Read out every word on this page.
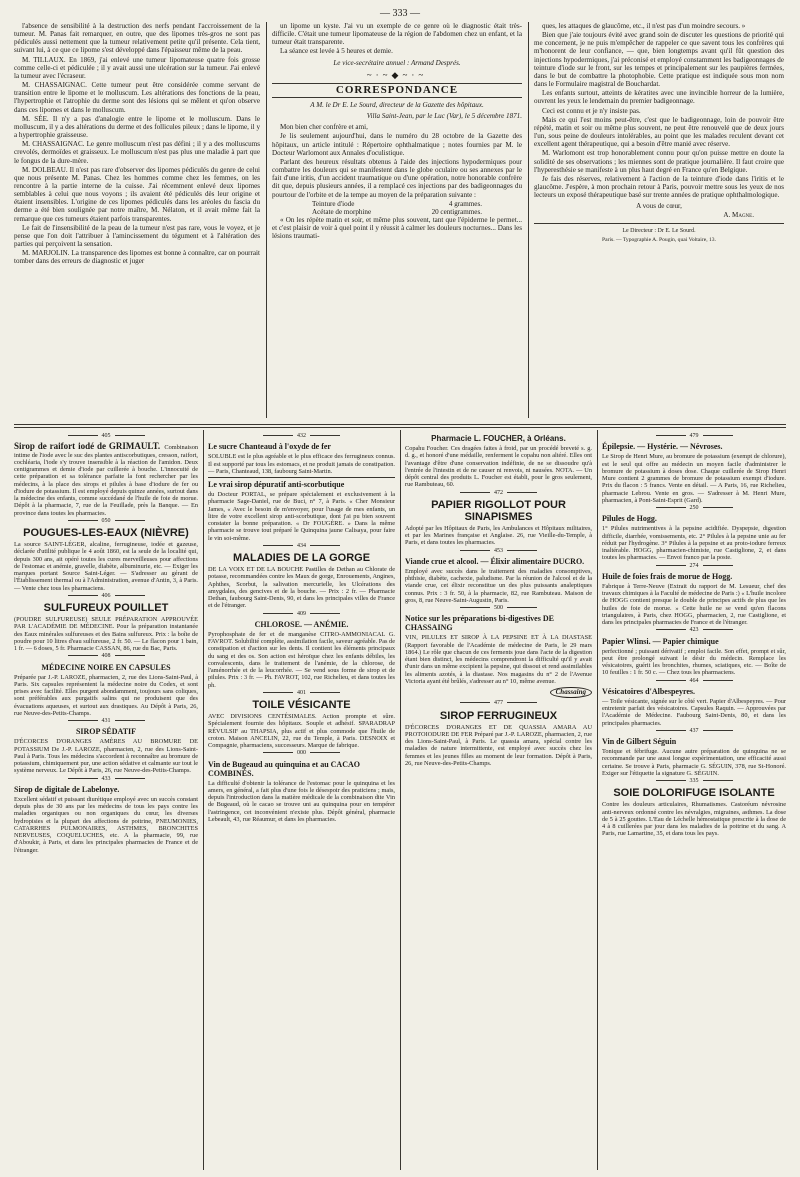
— 333 —

l'absence de sensibilité à la destruction des nerfs pendant l'accroissement de la tumeur. M. Panas fait remarquer, en outre, que des lipomes très-gros ne sont pas pédiculés aussi nettement que la tumeur relativement petite qu'il présente. Cela tient, suivant lui, à ce que ce lipome s'est développé dans l'épaisseur même de la peau.

M. TILLAUX. En 1869, j'ai enlevé une tumeur lipomateuse quatre fois grosse comme celle-ci et pédiculée ; il y avait aussi une ulcération sur la tumeur. J'ai enlevé la tumeur avec l'écraseur.

M. CHASSAIGNAC. Cette tumeur peut être considérée comme servant de transition entre le lipome et le molluscum. Les altérations des fonctions de la peau, l'hypertrophie et l'atrophie du derme sont des lésions qui se mêlent et qu'on observe dans ces lipomes et dans le molluscum.

M. SÉE. Il n'y a pas d'analogie entre le lipome et le molluscum. Dans le molluscum, il y a des altérations du derme et des follicules pileux ; dans le lipome, il y a hypertrophie graisseuse.

M. CHASSAIGNAC. Le genre molluscum n'est pas défini ; il y a des molluscums crevolés, dermoïdes et graisseux. Le molluscum n'est pas plus une maladie à part que le fongus de la dure-mère.

M. DOLBEAU. Il n'est pas rare d'observer des lipomes pédiculés du genre de celui que nous présente M. Panas. Chez les hommes comme chez les femmes, on les rencontre à la partie interne de la cuisse. J'ai récemment enlevé deux lipomes semblables à celui que nous voyons ; ils avaient été pédiculés dès leur origine et étaient insensibles. L'origine de ces lipomes pédiculés dans les aréoles du fascia du derme a été bien soulignée par notre maître, M. Nélaton, et il avait même fait la remarque que ces tumeurs étaient parfois transparentes.

Le fait de l'insensibilité de la peau de la tumeur n'est pas rare, vous le voyez, et je pense que l'on doit l'attribuer à l'amincissement du tégument et à l'altération des parties qui perçoivent la sensation.

M. MARJOLIN. La transparence des lipomes est bonne à connaître, car on pourrait tomber dans des erreurs de diagnostic et juger

un lipome un kyste. J'ai vu un exemple de ce genre où le diagnostic était très-difficile. C'était une tumeur lipomateuse de la région de l'abdomen chez un enfant, et la tumeur était transparente.

La séance est levée à 5 heures et demie.

Le vice-secrétaire annuel : Armand Després.

~·~◆~·~
CORRESPONDANCE

A M. le Dr E. Le Sourd, directeur de la Gazette des hôpitaux.

Villa Saint-Jean, par le Luc (Var), le 5 décembre 1871.

Mon bien cher confrère et ami,

Je lis seulement aujourd'hui, dans le numéro du 28 octobre de la Gazette des hôpitaux, un article intitulé : Répertoire ophthalmatique ; notes fournies par M. le Docteur Warlomont aux Annales d'oculistique.

Parlant des heureux résultats obtenus à l'aide des injections hypodermiques pour combattre les douleurs qui se manifestent dans le globe oculaire ou ses annexes par le fait d'une iritis, d'un accident traumatique ou d'une opération, notre honorable confrère dit que, depuis plusieurs années, il a remplacé ces injections par des badigeonnages du pourtour de l'orbite et de la tempe au moyen de la préparation suivante :

Teinture d'iode	4 grammes.
Acétate de morphine	20 centigrammes.

« On les répète matin et soir, et même plus souvent, tant que l'épiderme le permet... et c'est plaisir de voir à quel point il y réussit à calmer les douleurs nocturnes... Dans les lésions traumati-

ques, les attaques de glaucôme, etc., il n'est pas d'un moindre secours. »

Bien que j'aie toujours évité avec grand soin de discuter les questions de priorité qui me concernent, je ne puis m'empêcher de rappeler ce que savent tous les confrères qui m'honorent de leur confiance, — que, bien longtemps avant qu'il fût question des injections hypodermiques, j'ai préconisé et employé constamment les badigeonnages de teinture d'iode sur le front, sur les tempes et principalement sur les paupières fermées, dans le but de combattre la photophobie. Cette pratique est indiquée sous mon nom dans le Formulaire magistral de Bouchardat.

Les enfants surtout, atteints de kératites avec une invincible horreur de la lumière, ouvrent les yeux le lendemain du premier badigeonnage.

Ceci est connu et je n'y insiste pas.

Mais ce qui l'est moins peut-être, c'est que le badigeonnage, loin de pouvoir être répété, matin et soir ou même plus souvent, ne peut être renouvelé que de deux jours l'un, sous peine de douleurs intolérables, au point que les malades reculent devant cet excellent agent thérapeutique, qui a besoin d'être manié avec réserve.

M. Warlomont est trop honorablement connu pour qu'on puisse mettre en doute la solidité de ses observations ; les miennes sont de pratique journalière. Il faut croire que l'hyperesthésie se manifeste à un plus haut degré en France qu'en Belgique.

Je fais des réserves, relativement à l'action de la teinture d'iode dans l'iritis et le glaucôme. J'espère, à mon prochain retour à Paris, pouvoir mettre sous les yeux de nos lecteurs un exposé thérapeutique basé sur trente années de pratique ophthalmologique.

A vous de cœur,

A. Magne.

Le Directeur : Dr E. Le Sourd.

Paris. — Typographie A. Pougin, quai Voltaire, 13.

405

Sirop de raifort iodé de GRIMAULT. Combinaison intime de l'iode avec le suc des plantes antiscorbutiques, cresson, raifort, cochléaria, l'iode s'y trouve insensible à la réaction de l'amidon. Deux centigrammes et demie d'iode par cuillerée à bouche. L'innocuité de cette préparation et sa tolérance parfaite la font rechercher par les médecins, à la place des sirops et pilules à base d'iodure de fer ou d'iodure de potassium. Il est employé depuis quinze années, surtout dans la médecine des enfants, comme succédané de l'huile de foie de morue. Dépôt à la pharmacie, 7, rue de la Feuillade, près la Banque. — En province dans toutes les pharmacies.

050
POUGUES-LES-EAUX (NIÈVRE)

La source SAINT-LÉGER, alcaline, ferrugineuse, iodée et gazeuse, déclarée d'utilité publique le 4 août 1860, est la seule de la localité qui, depuis 300 ans, ait opéré toutes les cures merveilleuses pour affections de l'estomac et anémie, gravelle, diabète, albuminurie, etc. — Exiger les marques portant Source Saint-Léger. — S'adresser au gérant de l'Établissement thermal ou à l'Administration, avenue d'Antin, 3, à Paris. — Vente chez tous les pharmaciens.

406
SULFUREUX POUILLET

(POUDRE SULFUREUSE) SEULE PRÉPARATION APPROUVÉE PAR L'ACADÉMIE DE MÉDECINE. Pour la préparation instantanée des Eaux minérales sulfureuses et des Bains sulfureux. Prix : la boîte de poudre pour 10 litres d'eau sulfureuse, 2 fr. 50. — Le flacon pour 1 bain, 1 fr. — 6 doses, 5 fr. Pharmacie CASSAN, 86, rue du Bac, Paris.

408
MÉDECINE NOIRE EN CAPSULES

Préparée par J.-P. LAROZE, pharmacien, 2, rue des Lions-Saint-Paul, à Paris. Six capsules représentent la médecine noire du Codex, et sont prises avec facilité. Elles purgent abondamment, toujours sans coliques, sont préférables aux purgatifs salins qui ne produisent que des évacuations aqueuses, et surtout aux drastiques. Au Dépôt à Paris, 26, rue Neuve-des-Petits-Champs.

431
SIROP SÉDATIF

D'ÉCORCES D'ORANGES AMÈRES AU BROMURE DE POTASSIUM De J.-P. LAROZE, pharmacien, 2, rue des Lions-Saint-Paul à Paris. Tous les médecins s'accordent à reconnaître au bromure de potassium, chimiquement pur, une action sédative et calmante sur tout le système nerveux. Le Dépôt à Paris, 26, rue Neuve-des-Petits-Champs.

433
Sirop de digitale de Labelonye.

Excellent sédatif et puissant diurétique employé avec un succès constant depuis plus de 30 ans par les médecins de tous les pays contre les maladies organiques ou non organiques du cœur, les diverses hydropisies et la plupart des affections de poitrine, PNEUMONIES, CATARRHES PULMONAIRES, ASTHMES, BRONCHITES NERVEUSES, COQUELUCHES, etc. A la pharmacie, 99, rue d'Aboukir, à Paris, et dans les principales pharmacies de France et de l'étranger.

432
Le sucre Chanteaud à l'oxyde de fer

SOLUBLE est le plus agréable et le plus efficace des ferrugineux connus. Il est supporté par tous les estomacs, et ne produit jamais de constipation. — Paris, Chanteaud, 138, faubourg Saint-Martin.

Le vrai sirop dépuratif anti-scorbutique

du Docteur PORTAL, se prépare spécialement et exclusivement à la pharmacie Sage-Daniel, rue de Buci, n° 7, à Paris. « Cher Monsieur James, « Avec le besoin de m'envoyer, pour l'usage de mes enfants, un litre de votre excellent sirop anti-scorbutique, dont j'ai pu bien souvent constater la bonne préparation. « Dr FOUGÈRE. » Dans la même pharmacie se trouve tout préparé le Quinquina jaune Calisaya, pour faire le vin soi-même.

434
MALADIES DE LA GORGE

DE LA VOIX ET DE LA BOUCHE Pastilles de Dethan au Chlorate de potasse, recommandées contre les Maux de gorge, Enrouements, Angines, Aphthes, Scorbut, la salivation mercurielle, les Ulcérations des amygdales, des gencives et de la bouche. — Prix : 2 fr. — Pharmacie Dethan, faubourg Saint-Denis, 90, et dans les principales villes de France et de l'étranger.

409
CHLOROSE. — ANÉMIE.

Pyrophosphate de fer et de manganèse CITRO-AMMONIACAL G. FAVROT. Solubilité complète, assimilation facile, saveur agréable. Pas de constipation et d'action sur les dents. Il contient les éléments principaux du sang et des os. Son action est héroïque chez les enfants débiles, les convalescents, dans le traitement de l'anémie, de la chlorose, de l'aménorrhée et de la leucorrhée. — Se vend sous forme de sirop et de pilules. Prix : 3 fr. — Ph. FAVROT, 102, rue Richelieu, et dans toutes les ph.

401
TOILE VÉSICANTE

AVEC DIVISIONS CENTÉSIMALES. Action prompte et sûre. Spécialement fournie des hôpitaux. Souple et adhésif. SPARADRAP RÉVULSIF au THAPSIA, plus actif et plus commode que l'huile de croton. Maison ANCELIN, 22, rue du Temple, à Paris. DESNOIX et Compagnie, pharmaciens, successeurs. Marque de fabrique.

000
Vin de Bugeaud au quinquina et au CACAO COMBINÉS.

La difficulté d'obtenir la tolérance de l'estomac pour le quinquina et les amers, en général, a fait plus d'une fois le désespoir des praticiens ; mais, depuis l'introduction dans la matière médicale de la combinaison dite Vin de Bugeaud, où le cacao se trouve uni au quinquina pour en tempérer l'astringence, cet inconvénient n'existe plus. Dépôt général, pharmacie Lebeault, 43, rue Réaumur, et dans les pharmacies.

Pharmacie L. FOUCHER, à Orléans.

Copahu Foucher. Ces dragées faites à froid, par un procédé breveté s. g. d. g., et honoré d'une médaille, renferment le copahu non altéré. Elles ont l'avantage d'être d'une conservation indéfinie, de ne se dissoudre qu'à l'entrée de l'intestin et de ne causer ni renvois, ni nausées. NOTA. — Un dépôt central des produits L. Foucher est établi, pour le gros seulement, rue Rambuteau, 60.

472
PAPIER RIGOLLOT POUR SINAPISMES

Adopté par les Hôpitaux de Paris, les Ambulances et Hôpitaux militaires, et par les Marines française et Anglaise. 26, rue Vieille-du-Temple, à Paris, et dans toutes les pharmacies.

453
Viande crue et alcool. — Élixir alimentaire DUCRO.

Employé avec succès dans le traitement des maladies consomptives, phthisie, diabète, cachexie, paludisme. Par la réunion de l'alcool et de la viande crue, cet élixir reconstitue un des plus puissants analeptiques connus. Prix : 3 fr. 50, à la pharmacie, 82, rue Rambuteau. Maison de gros, 8, rue Neuve-Saint-Augustin, Paris.

500
Notice sur les préparations bi-digestives DE CHASSAING

VIN, PILULES ET SIROP À LA PEPSINE ET À LA DIASTASE (Rapport favorable de l'Académie de médecine de Paris, le 29 mars 1864.) Le rôle que chacun de ces ferments joue dans l'acte de la digestion étant bien distinct, les médecins comprendront la difficulté qu'il y avait d'unir dans un même excipient la pepsine, qui dissout et rend assimilables les aliments azotés, à la diastase. Nos magasins du n° 2 de l'Avenue Victoria ayant été brûlés, s'adresser au n° 10, même avenue.

Chassaing
477
SIROP FERRUGINEUX

D'ÉCORCES D'ORANGES ET DE QUASSIA AMARA AU PROTOIODURE DE FER Préparé par J.-P. LAROZE, pharmacien, 2, rue des Lions-Saint-Paul, à Paris. Le quassia amara, spécial contre les maladies de nature intermittente, est employé avec succès chez les femmes et les jeunes filles au moment de leur formation. Dépôt à Paris, 26, rue Neuve-des-Petits-Champs.

479
Épilepsie. — Hystérie. — Névroses.

Le Sirop de Henri Mure, au bromure de potassium (exempt de chlorure), est le seul qui offre au médecin un moyen facile d'administrer le bromure de potassium à doses dose. Chaque cuillerée de Sirop Henri Mure contient 2 grammes de bromure de potassium exempt d'iodure. Prix du flacon : 5 francs. Vente en détail. — A Paris, 16, rue Richelieu, pharmacie Lebrou. Vente en gros. — S'adresser à M. Henri Mure, pharmacien, à Pont-Saint-Esprit (Gard).

250
Pilules de Hogg.

1° Pilules nutrimentives à la pepsine acidifiée. Dyspepsie, digestion difficile, diarrhée, vomissements, etc. 2° Pilules à la pepsine unie au fer réduit par l'hydrogène. 3° Pilules à la pepsine et au proto-iodure ferreux inaltérable. HOGG, pharmacien-chimiste, rue Castiglione, 2, et dans toutes les pharmacies. — Envoi franco par la poste.

274
Huile de foies frais de morue de Hogg.

Fabrique à Terre-Neuve (Extrait du rapport de M. Lesueur, chef des travaux chimiques à la Faculté de médecine de Paris :) « L'huile incolore de HOGG contient presque le double de principes actifs de plus que les huiles de foie de morue. » Cette huile ne se vend qu'en flacons triangulaires, à Paris, chez HOGG, pharmacien, 2, rue Castiglione, et dans les principales pharmacies de France et de l'étranger.

423
Papier Wlinsi. — Papier chimique

perfectionné ; puissant dérivatif ; emploi facile. Son effet, prompt et sûr, peut être prolongé suivant le désir du médecin. Remplace les vésicatoires, guérit les bronchites, rhumes, sciatiques, etc. — Boîte de 10 feuilles : 1 fr. 50 c. — Chez tous les pharmaciens.

464
Vésicatoires d'Albespeyres.

— Toile vésicante, signée sur le côté vert. Papier d'Albespeyres. — Pour entretenir parfait des vésicatoires. Capsules Raquin. — Approuvées par l'Académie de Médecine. Faubourg Saint-Denis, 80, et dans les principales pharmacies.

437
Vin de Gilbert Séguin

Tonique et fébrifuge. Aucune autre préparation de quinquina ne se recommande par une aussi longue expérimentation, une efficacité aussi certaine. Se trouve à Paris, pharmacie G. SÉGUIN, 378, rue St-Honoré. Exiger sur l'étiquette la signature G. SÉGUIN.

335
SOIE DOLORIFUGE ISOLANTE

Contre les douleurs articulaires, Rhumatismes. Castoréum névrosine anti-nerveux ordonné contre les névralgies, migraines, asthmes. La dose de 5 à 25 gouttes. L'Eau de Léchelle hémostatique prescrite à la dose de 4 à 8 cuillerées par jour dans les maladies de la poitrine et du sang. A Paris, rue Lamartine, 35, et dans tous les pays.
